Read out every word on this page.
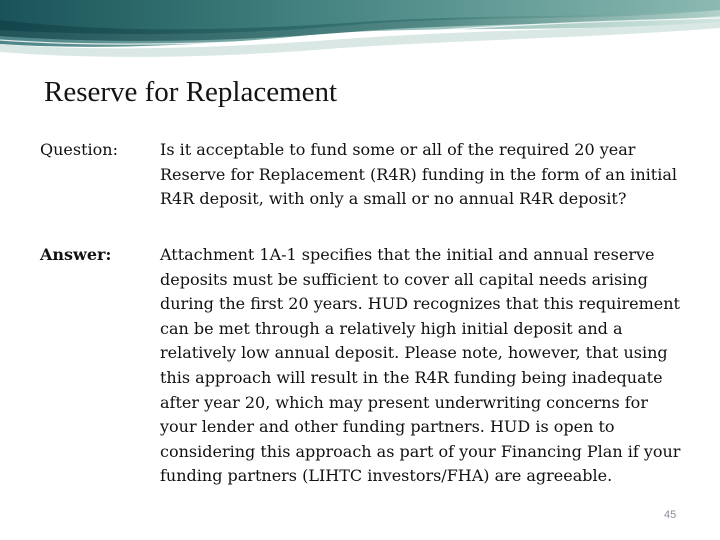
Reserve for Replacement
Question:	Is it acceptable to fund some or all of the required 20 year Reserve for Replacement (R4R) funding in the form of an initial R4R deposit, with only a small or no annual R4R deposit?
Answer:	Attachment 1A-1 specifies that the initial and annual reserve deposits must be sufficient to cover all capital needs arising during the first 20 years. HUD recognizes that this requirement can be met through a relatively high initial deposit and a relatively low annual deposit. Please note, however, that using this approach will result in the R4R funding being inadequate after year 20, which may present underwriting concerns for your lender and other funding partners. HUD is open to considering this approach as part of your Financing Plan if your funding partners (LIHTC investors/FHA) are agreeable.
45
